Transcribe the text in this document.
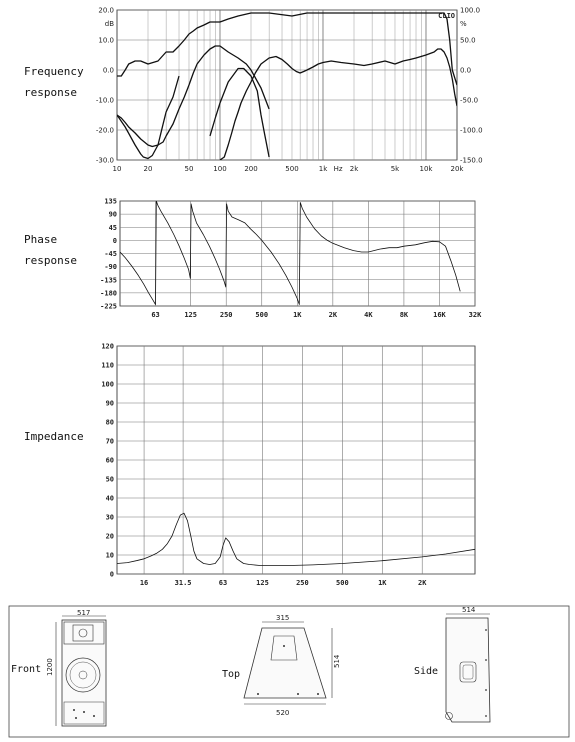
Frequency
response
Phase
response
Impedance
10	20	50	100	200	500	1k	2k	5k	10k	20k
20.0
10.0
0.0
-10.0
-20.0
-30.0
100.0
50.0
0.0
-50.0
-100.0
-150.0
dB	%
Hz
CLIO
63	125	250	500	1K	2K	4K	8K	16K	32K
135
90
45
0
-45
-90
-135
-180
-225
16	31.5	63	125	250	500	1K	2K
0
10
20
30
40
50
60
70
80
90
100
110
120
Front
517
1200	Top
315
520
514
Side
514
